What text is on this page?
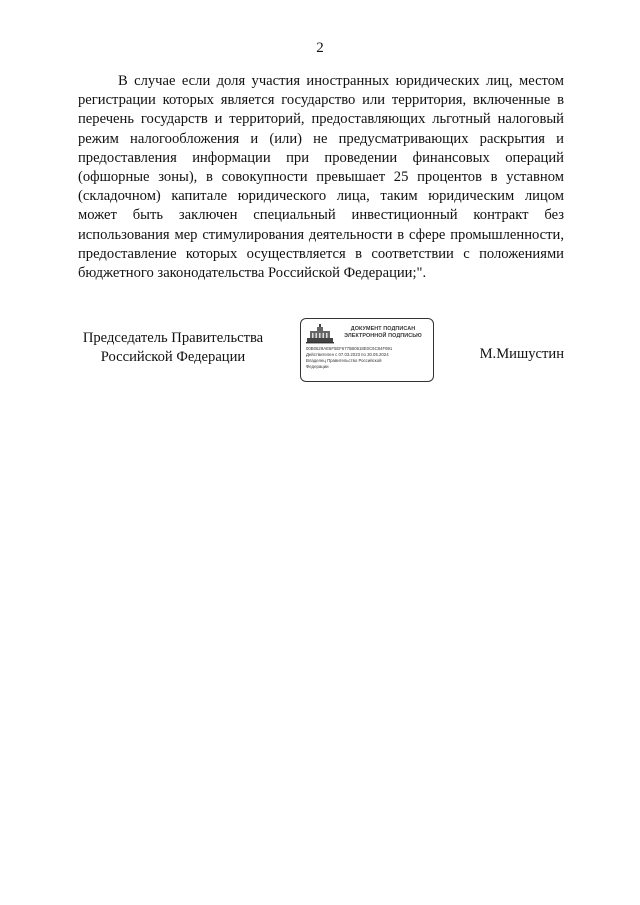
2

В случае если доля участия иностранных юридических лиц, местом регистрации которых является государство или территория, включенные в перечень государств и территорий, предоставляющих льготный налоговый режим налогообложения и (или) не предусматривающих раскрытия и предоставления информации при проведении финансовых операций (офшорные зоны), в совокупности превышает 25 процентов в уставном (складочном) капитале юридического лица, таким юридическим лицом может быть заключен специальный инвестиционный контракт без использования мер стимулирования деятельности в сфере промышленности, предоставление которых осуществляется в соответствии с положениями бюджетного законодательства Российской Федерации;".

Председатель Правительства
Российской Федерации
ДОКУМЕНТ ПОДПИСАН
ЭЛЕКТРОННОЙ ПОДПИСЬЮ
00B0629AE6F5EF6775B0618E0C6C84F991
Действителен с 07.03.2023 по 30.05.2024
Владелец Правительство Российской
Федерации
М.Мишустин
